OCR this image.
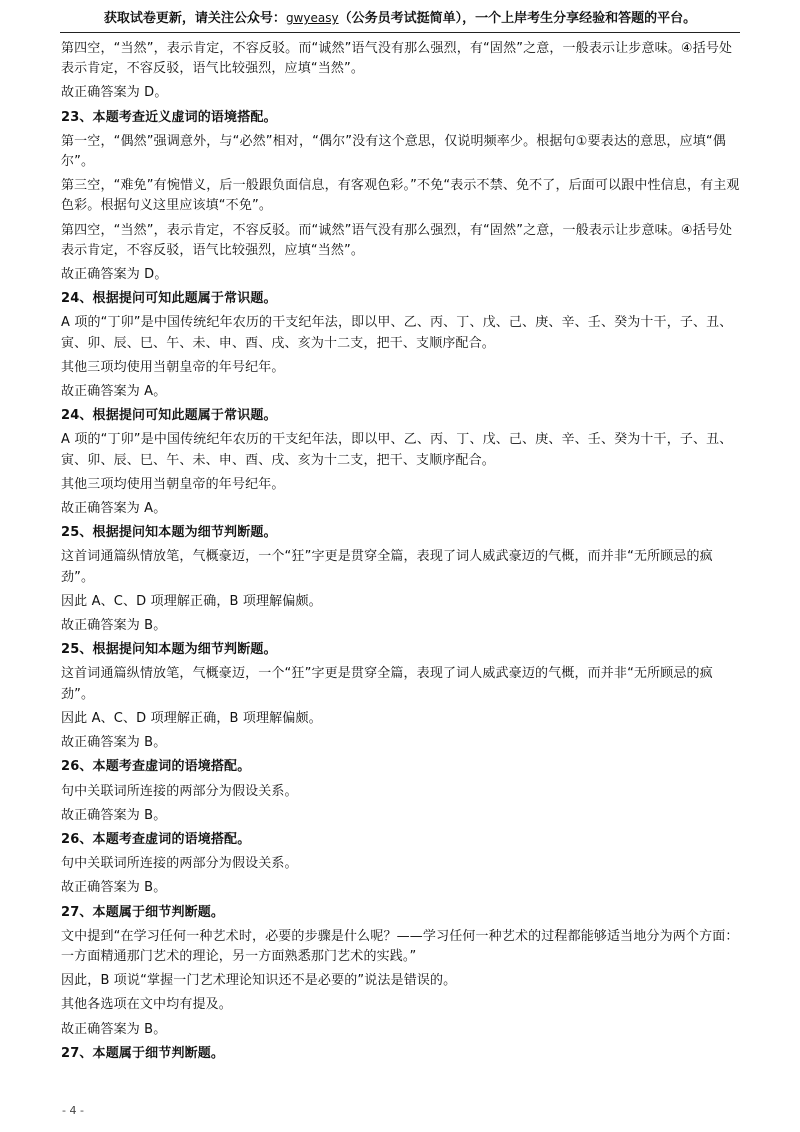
获取试卷更新，请关注公众号：gwyeasy（公务员考试挺简单），一个上岸考生分享经验和答题的平台。

第四空，“当然”，表示肯定，不容反驳。而“诚然”语气没有那么强烈，有“固然”之意，一般表示让步意味。④括号处表示肯定，不容反驳，语气比较强烈，应填“当然”。

故正确答案为 D。

23、本题考查近义虚词的语境搭配。

第一空，“偶然”强调意外，与“必然”相对，“偶尔”没有这个意思，仅说明频率少。根据句①要表达的意思，应填“偶尔”。

第三空，“难免”有惋惜义，后一般跟负面信息，有客观色彩。”不免“表示不禁、免不了，后面可以跟中性信息，有主观色彩。根据句义这里应该填“不免”。

第四空，“当然”，表示肯定，不容反驳。而“诚然”语气没有那么强烈，有“固然”之意，一般表示让步意味。④括号处表示肯定，不容反驳，语气比较强烈，应填“当然”。

故正确答案为 D。

24、根据提问可知此题属于常识题。

A 项的“丁卯”是中国传统纪年农历的干支纪年法，即以甲、乙、丙、丁、戊、己、庚、辛、壬、癸为十干，子、丑、寅、卯、辰、巳、午、未、申、酉、戌、亥为十二支，把干、支顺序配合。

其他三项均使用当朝皇帝的年号纪年。

故正确答案为 A。

24、根据提问可知此题属于常识题。

A 项的“丁卯”是中国传统纪年农历的干支纪年法，即以甲、乙、丙、丁、戊、己、庚、辛、壬、癸为十干，子、丑、寅、卯、辰、巳、午、未、申、酉、戌、亥为十二支，把干、支顺序配合。

其他三项均使用当朝皇帝的年号纪年。

故正确答案为 A。

25、根据提问知本题为细节判断题。

这首词通篇纵情放笔，气概豪迈，一个“狂”字更是贯穿全篇，表现了词人威武豪迈的气概，而并非“无所顾忌的疯劲”。

因此 A、C、D 项理解正确，B 项理解偏颇。

故正确答案为 B。

25、根据提问知本题为细节判断题。

这首词通篇纵情放笔，气概豪迈，一个“狂”字更是贯穿全篇，表现了词人威武豪迈的气概，而并非“无所顾忌的疯劲”。

因此 A、C、D 项理解正确，B 项理解偏颇。

故正确答案为 B。

26、本题考查虚词的语境搭配。

句中关联词所连接的两部分为假设关系。

故正确答案为 B。

26、本题考查虚词的语境搭配。

句中关联词所连接的两部分为假设关系。

故正确答案为 B。

27、本题属于细节判断题。

文中提到“在学习任何一种艺术时，必要的步骤是什么呢？——学习任何一种艺术的过程都能够适当地分为两个方面：一方面精通那门艺术的理论，另一方面熟悉那门艺术的实践。”

因此，B 项说“掌握一门艺术理论知识还不是必要的”说法是错误的。

其他各选项在文中均有提及。

故正确答案为 B。

27、本题属于细节判断题。

- 4 -
